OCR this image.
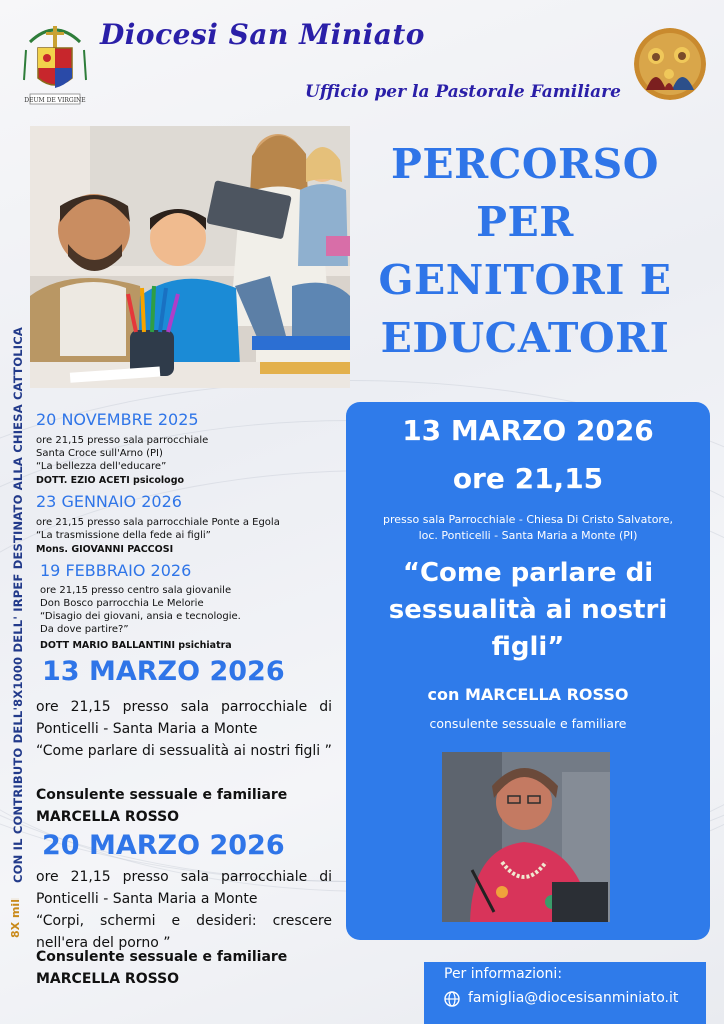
DEUM DE VIRGINE
Diocesi San Miniato
Ufficio per la Pastorale Familiare
PERCORSO
PER
GENITORI E
EDUCATORI
CON IL CONTRIBUTO DELL'8X1000 DELL' IRPEF DESTINATO ALLA CHIESA CATTOLICA
8X mille
20 NOVEMBRE 2025
ore 21,15 presso sala parrocchiale
Santa Croce sull'Arno (PI)
“La bellezza dell'educare”
DOTT. EZIO ACETI psicologo
23 GENNAIO 2026
ore 21,15 presso sala parrocchiale Ponte a Egola
“La trasmissione della fede ai figli”
Mons. GIOVANNI PACCOSI
19 FEBBRAIO 2026
ore 21,15 presso centro sala giovanile
Don Bosco parrocchia Le Melorie
“Disagio dei giovani, ansia e tecnologie.
Da dove partire?”
DOTT MARIO BALLANTINI psichiatra
13 MARZO 2026
ore 21,15 presso sala parrocchiale di Ponticelli - Santa Maria a Monte
“Come parlare di sessualità ai nostri figli ”
Consulente sessuale e familiare
MARCELLA ROSSO
20 MARZO 2026
ore 21,15 presso sala parrocchiale di Ponticelli - Santa Maria a Monte
“Corpi, schermi e desideri: crescere nell'era del porno ”
Consulente sessuale e familiare
MARCELLA ROSSO
13 MARZO 2026
ore 21,15
presso sala Parrocchiale - Chiesa Di Cristo Salvatore,
loc. Ponticelli - Santa Maria a Monte (PI)
“Come parlare di sessualità ai nostri figli”
con MARCELLA ROSSO
consulente sessuale e familiare
Per informazioni:
famiglia@diocesisanminiato.it
